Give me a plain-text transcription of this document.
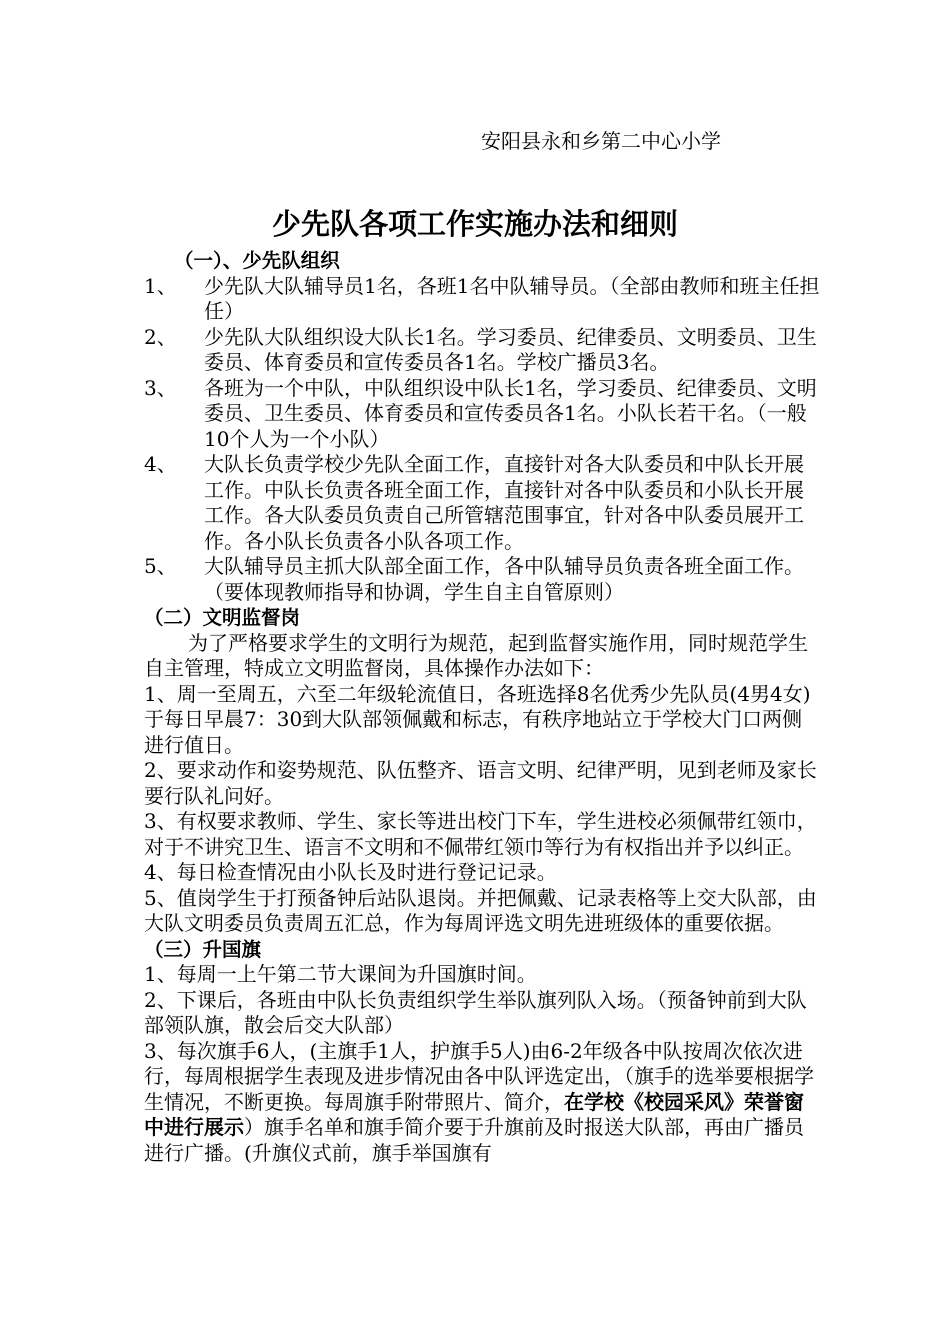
安阳县永和乡第二中心小学
少先队各项工作实施办法和细则
（一）、少先队组织
1、 少先队大队辅导员1名，各班1名中队辅导员。（全部由教师和班主任担任）
2、 少先队大队组织设大队长1名。学习委员、纪律委员、文明委员、卫生委员、体育委员和宣传委员各1名。学校广播员3名。
3、 各班为一个中队，中队组织设中队长1名，学习委员、纪律委员、文明委员、卫生委员、体育委员和宣传委员各1名。小队长若干名。（一般10个人为一个小队）
4、 大队长负责学校少先队全面工作，直接针对各大队委员和中队长开展工作。中队长负责各班全面工作，直接针对各中队委员和小队长开展工作。各大队委员负责自己所管辖范围事宜，针对各中队委员展开工作。各小队长负责各小队各项工作。
5、 大队辅导员主抓大队部全面工作，各中队辅导员负责各班全面工作。（要体现教师指导和协调，学生自主自管原则）
（二）文明监督岗

为了严格要求学生的文明行为规范，起到监督实施作用，同时规范学生自主管理，特成立文明监督岗，具体操作办法如下：

1、周一至周五，六至二年级轮流值日，各班选择8名优秀少先队员(4男4女)于每日早晨7：30到大队部领佩戴和标志，有秩序地站立于学校大门口两侧进行值日。

2、要求动作和姿势规范、队伍整齐、语言文明、纪律严明，见到老师及家长要行队礼问好。

3、有权要求教师、学生、家长等进出校门下车，学生进校必须佩带红领巾，对于不讲究卫生、语言不文明和不佩带红领巾等行为有权指出并予以纠正。

4、每日检查情况由小队长及时进行登记记录。

5、值岗学生于打预备钟后站队退岗。并把佩戴、记录表格等上交大队部，由大队文明委员负责周五汇总，作为每周评选文明先进班级体的重要依据。

（三）升国旗

1、每周一上午第二节大课间为升国旗时间。

2、下课后，各班由中队长负责组织学生举队旗列队入场。（预备钟前到大队部领队旗，散会后交大队部）

3、每次旗手6人，(主旗手1人，护旗手5人)由6-2年级各中队按周次依次进行，每周根据学生表现及进步情况由各中队评选定出，（旗手的选举要根据学生情况，不断更换。每周旗手附带照片、简介，在学校《校园采风》荣誉窗中进行展示）旗手名单和旗手简介要于升旗前及时报送大队部，再由广播员进行广播。(升旗仪式前，旗手举国旗有
